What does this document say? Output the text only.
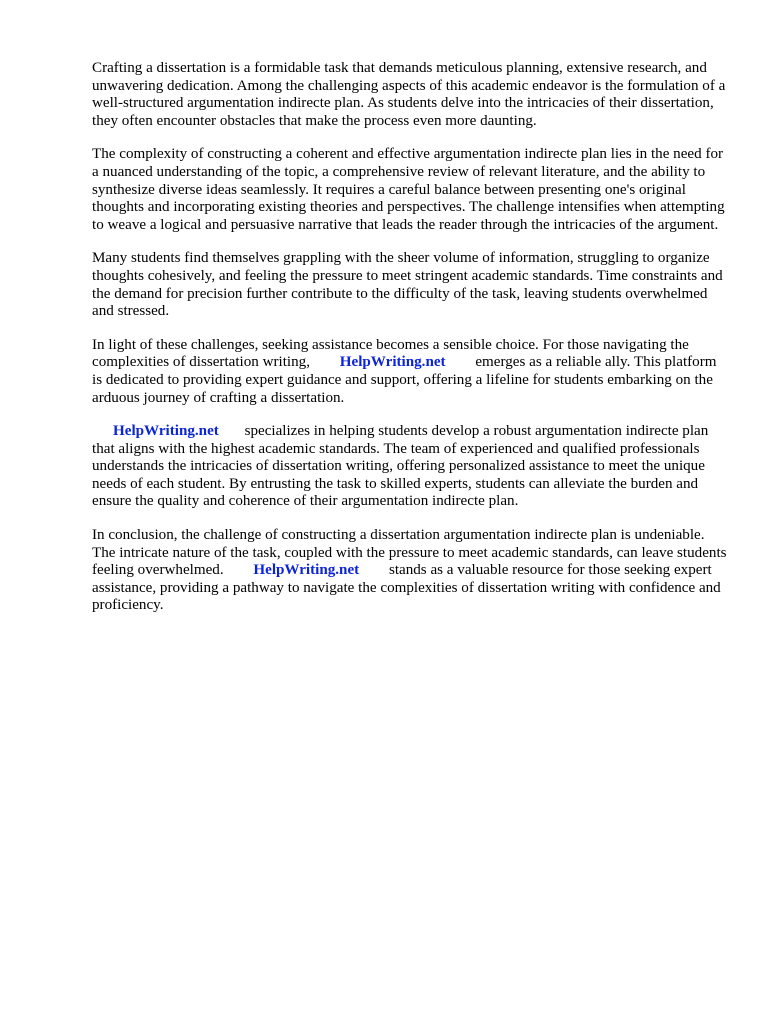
Crafting a dissertation is a formidable task that demands meticulous planning, extensive research, and unwavering dedication. Among the challenging aspects of this academic endeavor is the formulation of a well-structured argumentation indirecte plan. As students delve into the intricacies of their dissertation, they often encounter obstacles that make the process even more daunting.

The complexity of constructing a coherent and effective argumentation indirecte plan lies in the need for a nuanced understanding of the topic, a comprehensive review of relevant literature, and the ability to synthesize diverse ideas seamlessly. It requires a careful balance between presenting one's original thoughts and incorporating existing theories and perspectives. The challenge intensifies when attempting to weave a logical and persuasive narrative that leads the reader through the intricacies of the argument.

Many students find themselves grappling with the sheer volume of information, struggling to organize thoughts cohesively, and feeling the pressure to meet stringent academic standards. Time constraints and the demand for precision further contribute to the difficulty of the task, leaving students overwhelmed and stressed.

In light of these challenges, seeking assistance becomes a sensible choice. For those navigating the complexities of dissertation writing, HelpWriting.net emerges as a reliable ally. This platform is dedicated to providing expert guidance and support, offering a lifeline for students embarking on the arduous journey of crafting a dissertation.

HelpWriting.net specializes in helping students develop a robust argumentation indirecte plan that aligns with the highest academic standards. The team of experienced and qualified professionals understands the intricacies of dissertation writing, offering personalized assistance to meet the unique needs of each student. By entrusting the task to skilled experts, students can alleviate the burden and ensure the quality and coherence of their argumentation indirecte plan.

In conclusion, the challenge of constructing a dissertation argumentation indirecte plan is undeniable. The intricate nature of the task, coupled with the pressure to meet academic standards, can leave students feeling overwhelmed. HelpWriting.net stands as a valuable resource for those seeking expert assistance, providing a pathway to navigate the complexities of dissertation writing with confidence and proficiency.
